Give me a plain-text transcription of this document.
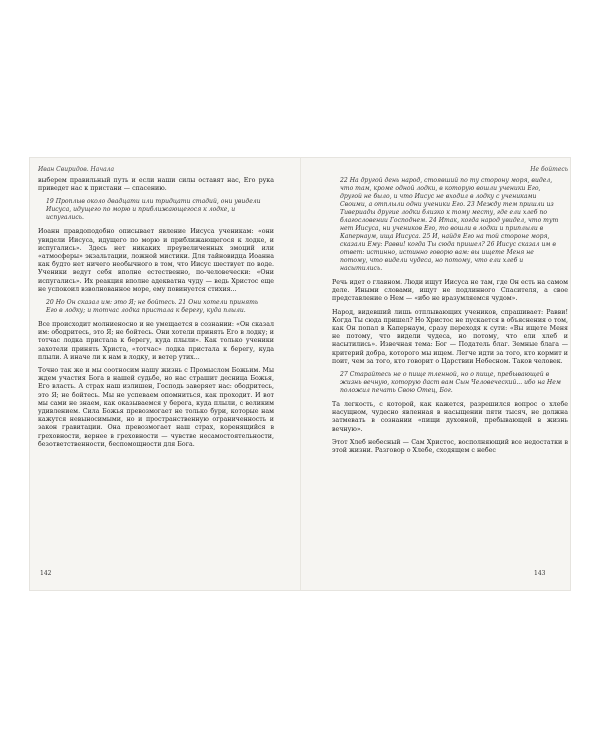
Иван Свиридов. Начала

выберем правильный путь и если наши силы оставят нас, Его рука приведет нас к пристани — спасению.

19 Проплыв около двадцати или тридцати стадий, они увидели Иисуса, идущего по морю и приближающегося к лодке, и испугались.

Иоанн правдоподобно описывает явление Иисуса ученикам: «они увидели Иисуса, идущего по морю и приближающегося к лодке, и испугались». Здесь нет никаких преувеличенных эмоций или «атмосферы» экзальтации, ложной мистики. Для тайновидца Иоанна как будто нет ничего необычного в том, что Иисус шествует по воде. Ученики ведут себя вполне естественно, по-человечески: «Они испугались». Их реакция вполне адекватна чуду — ведь Христос еще не успокоил взволнованное море, ему повинуется стихия...

20 Но Он сказал им: это Я; не бойтесь. 21 Они хотели принять Его в лодку; и тотчас лодка пристала к берегу, куда плыли.

Все происходит молниеносно и не умещается в сознании: «Он сказал им: ободритесь, это Я; не бойтесь. Они хотели принять Его в лодку; и тотчас лодка пристала к берегу, куда плыли». Как только ученики захотели принять Христа, «тотчас» лодка пристала к берегу, куда плыли. А иначе ли к нам в лодку, и ветер утих...

Точно так же и мы соотносим нашу жизнь с Промыслом Божьим. Мы ждем участия Бога в нашей судьбе, но нас страшит десница Божья, Его власть. А страх наш излишен, Господь заверяет нас: ободритесь, это Я; не бойтесь. Мы не успеваем опомниться, как проходит. И вот мы сами не знаем, как оказываемся у берега, куда плыли, с великим удивлением. Сила Божья превозмогает не только бури, которые нам кажутся невыносимыми, но и пространственную ограниченность и закон гравитации. Она превозмогает наш страх, коренящийся в греховности, вернее в греховности — чувстве несамостоятельности, безответственности, беспомощности для Бога.

Не бойтесь

22 На другой день народ, стоявший по ту сторону моря, видел, что там, кроме одной лодки, в которую вошли ученики Его, другой не было, и что Иисус не входил в лодку с учениками Своими, а отплыли одни ученики Его. 23 Между тем пришли из Тивериады другие лодки близко к тому месту, где ели хлеб по благословении Господнем. 24 Итак, когда народ увидел, что тут нет Иисуса, ни учеников Его, то вошли в лодки и приплыли в Капернаум, ища Иисуса. 25 И, найдя Его на той стороне моря, сказали Ему: Равви! когда Ты сюда пришел? 26 Иисус сказал им в ответ: истинно, истинно говорю вам: вы ищете Меня не потому, что видели чудеса, но потому, что ели хлеб и насытились.

Речь идет о главном. Люди ищут Иисуса не там, где Он есть на самом деле. Иными словами, ищут не подлинного Спасителя, а свое представление о Нем — «ибо не вразумляемся чудом».

Народ, видевший лишь отплывающих учеников, спрашивает: Равви! Когда Ты сюда пришел? Но Христос не пускается в объяснения о том, как Он попал в Капернаум, сразу переходя к сути: «Вы ищете Меня не потому, что видели чудеса, но потому, что ели хлеб и насытились». Извечная тема: Бог — Податель благ. Земные блага — критерий добра, которого мы ищем. Легче идти за того, кто кормит и поит, чем за того, кто говорит о Царствии Небесном. Таков человек.

27 Старайтесь не о пище тленной, но о пище, пребывающей в жизнь вечную, которую даст вам Сын Человеческий... ибо на Нем положил печать Свою Отец, Бог.

Та легкость, с которой, как кажется, разрешился вопрос о хлебе насущном, чудесно явленная в насыщении пяти тысяч, не должна затмевать в сознании «пищи духовной, пребывающей в жизнь вечную».

Этот Хлеб небесный — Сам Христос, восполняющий все недостатки в этой жизни. Разговор о Хлебе, сходящем с небес

142	143
